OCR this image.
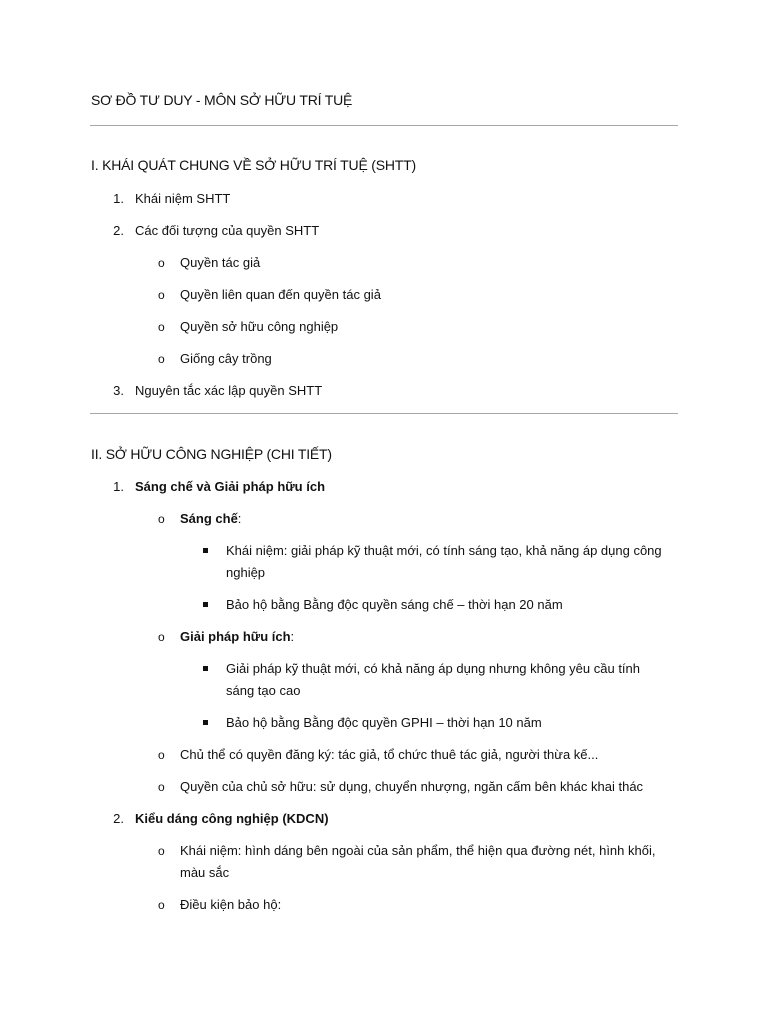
SƠ ĐỒ TƯ DUY - MÔN SỞ HỮU TRÍ TUỆ
I. KHÁI QUÁT CHUNG VỀ SỞ HỮU TRÍ TUỆ (SHTT)
1. Khái niệm SHTT
2. Các đối tượng của quyền SHTT
o Quyền tác giả
o Quyền liên quan đến quyền tác giả
o Quyền sở hữu công nghiệp
o Giống cây trồng
3. Nguyên tắc xác lập quyền SHTT
II. SỞ HỮU CÔNG NGHIỆP (CHI TIẾT)
1. Sáng chế và Giải pháp hữu ích
o Sáng chế:
Khái niệm: giải pháp kỹ thuật mới, có tính sáng tạo, khả năng áp dụng công nghiệp
Bảo hộ bằng Bằng độc quyền sáng chế – thời hạn 20 năm
o Giải pháp hữu ích:
Giải pháp kỹ thuật mới, có khả năng áp dụng nhưng không yêu cầu tính sáng tạo cao
Bảo hộ bằng Bằng độc quyền GPHI – thời hạn 10 năm
o Chủ thể có quyền đăng ký: tác giả, tổ chức thuê tác giả, người thừa kế...
o Quyền của chủ sở hữu: sử dụng, chuyển nhượng, ngăn cấm bên khác khai thác
2. Kiểu dáng công nghiệp (KDCN)
o Khái niệm: hình dáng bên ngoài của sản phẩm, thể hiện qua đường nét, hình khối, màu sắc
o Điều kiện bảo hộ:
